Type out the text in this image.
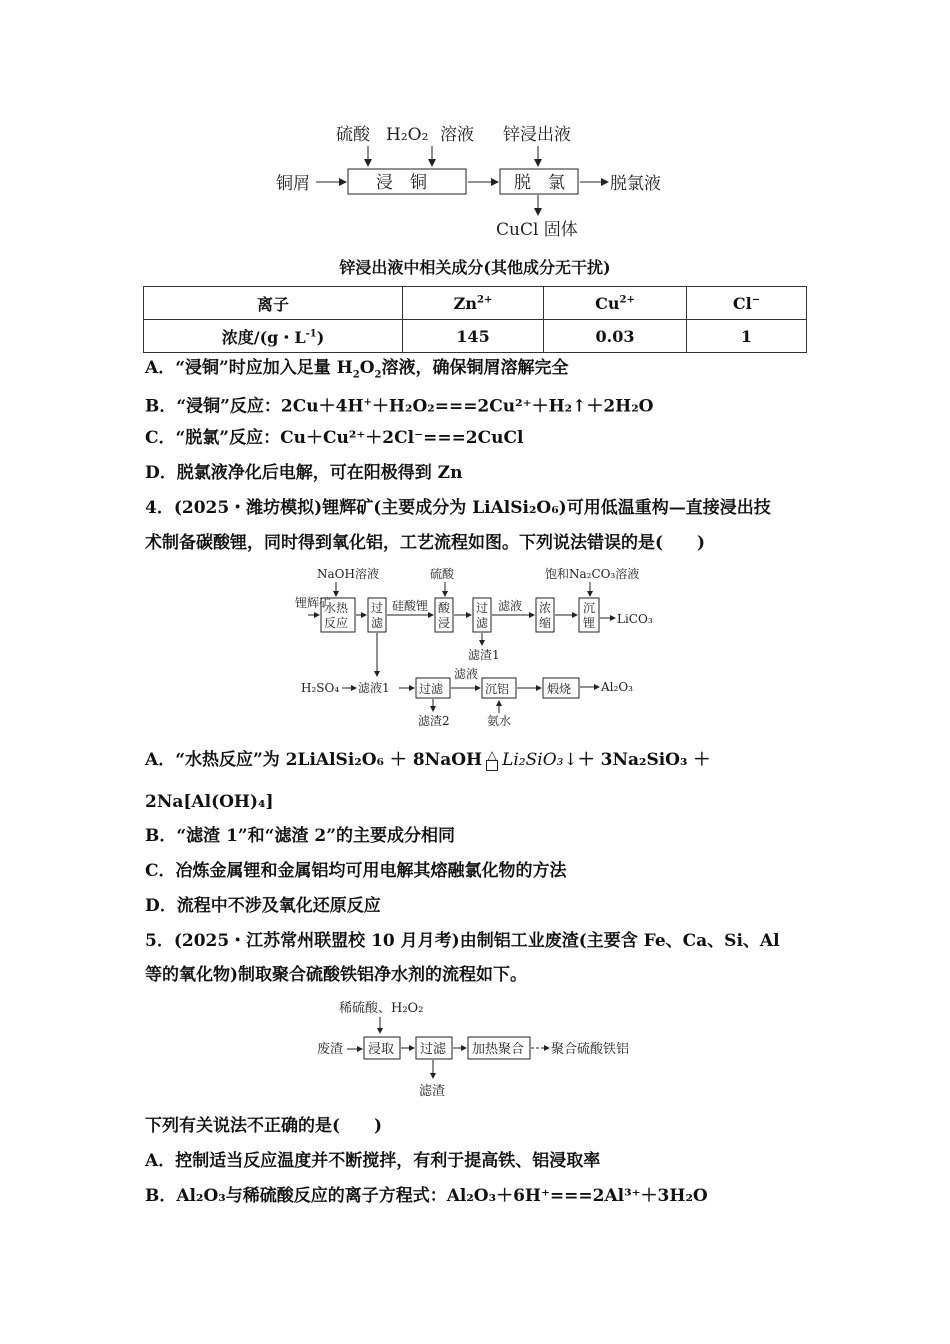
硫酸 H₂O₂ 溶液 锌浸出液
铜屑	浸　铜	脱　氯	脱氯液
CuCl 固体
锌浸出液中相关成分(其他成分无干扰)
离子	$Zn^{2+}$	$Cu^{2+}$	Cl−
浓度/(g・$L^{-1}$)	145	0.03	1
A．“浸铜”时应加入足量 $H_2O_2$溶液，确保铜屑溶解完全
B．“浸铜”反应：2Cu＋4H+＋H₂O₂===2Cu²⁺＋H₂↑＋2H₂O
C．“脱氯”反应：Cu＋Cu²⁺＋2Cl⁻===2CuCl
D．脱氯液净化后电解，可在阳极得到 Zn
4．(2025・潍坊模拟)锂辉矿(主要成分为 LiAlSi₂O₆)可用低温重构—直接浸出技
术制备碳酸锂，同时得到氧化铝，工艺流程如图。下列说法错误的是(　　)
NaOH溶液	硫酸	饱和Na₂CO₃溶液
锂辉矿
水热
反应
过
滤
硅酸锂 酸
浸
过
滤
滤液 浓
缩
沉
锂 LiCO₃
滤渣1
H₂SO₄ 滤液1 过滤
滤液
沉铝	煅烧 Al₂O₃
滤渣2	氨水
A．“水热反应”为 2LiAlSi₂O₆ ＋ 8NaOH △ Li₂SiO₃↓＋ 3Na₂SiO₃ ＋
2Na[Al(OH)₄]
B．“滤渣 1”和“滤渣 2”的主要成分相同
C．冶炼金属锂和金属铝均可用电解其熔融氯化物的方法
D．流程中不涉及氧化还原反应
5．(2025・江苏常州联盟校 10 月月考)由制铝工业废渣(主要含 Fe、Ca、Si、Al
等的氧化物)制取聚合硫酸铁铝净水剂的流程如下。
稀硫酸、H₂O₂
废渣 浸取 过滤 加热聚合 聚合硫酸铁铝
滤渣
下列有关说法不正确的是(　　)
A．控制适当反应温度并不断搅拌，有利于提高铁、铝浸取率
B．Al₂O₃与稀硫酸反应的离子方程式：Al₂O₃＋6H⁺===2Al³⁺＋3H₂O
